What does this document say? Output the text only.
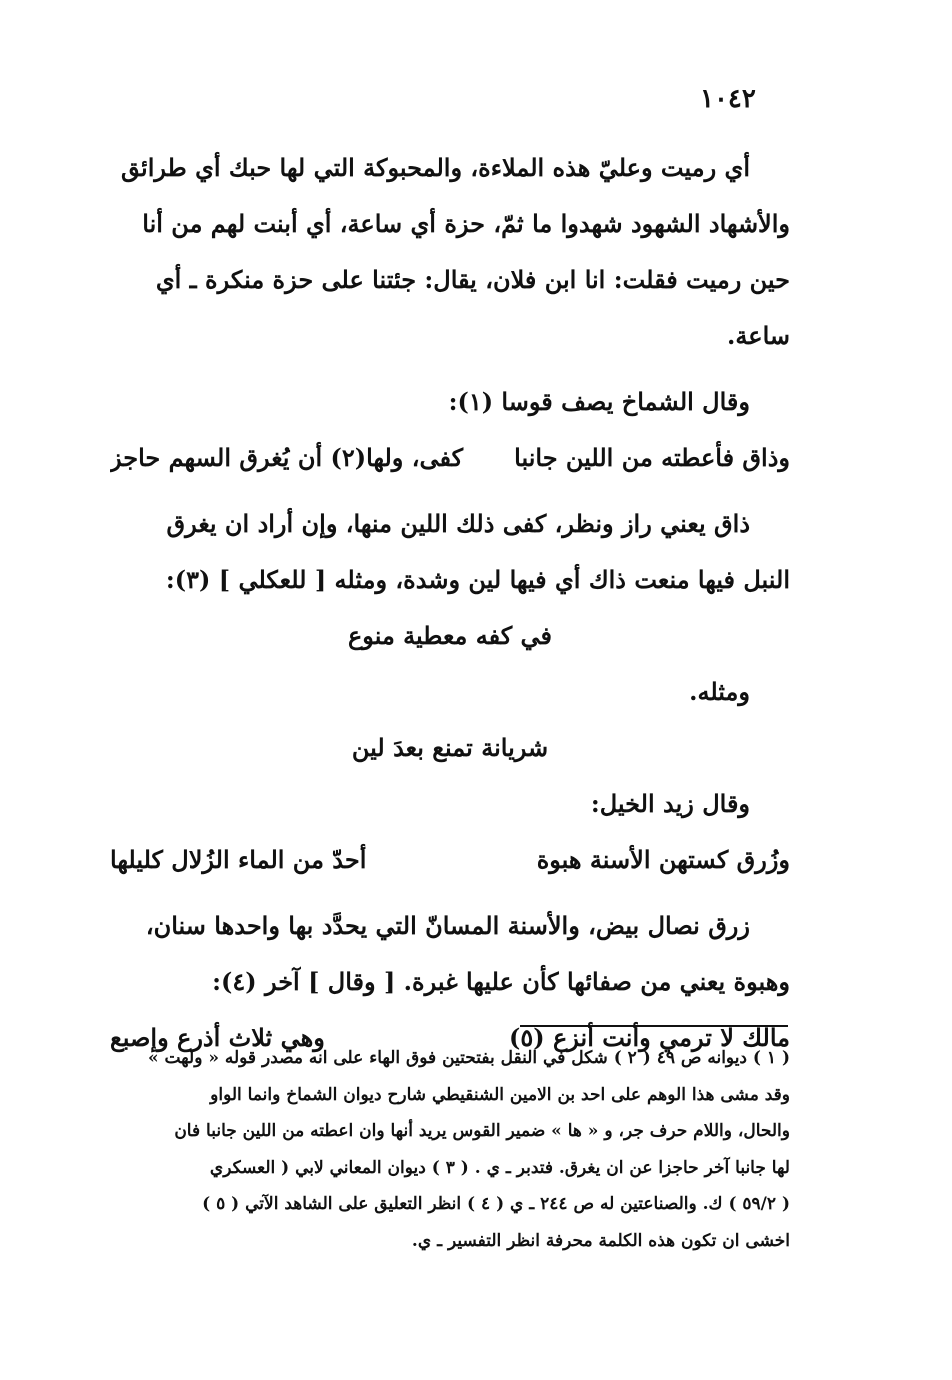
١٠٤٢
أي رميت وعليّ هذه الملاءة، والمحبوكة التي لها حبك أي طرائق
والأشهاد الشهود شهدوا ما ثمّ، حزة أي ساعة، أي أبنت لهم من أنا
حين رميت فقلت: انا ابن فلان، يقال: جئتنا على حزة منكرة ـ أي
ساعة.
وقال الشماخ يصف قوسا (١):
وذاق فأعطته من اللين جانبا
كفى، ولها(٢) أن يُغرق السهم حاجز
ذاق يعني راز ونظر، كفى ذلك اللين منها، وإن أراد ان يغرق
النبل فيها منعت ذاك أي فيها لين وشدة، ومثله [ للعكلي ] (٣):
في كفه معطية منوع
ومثله.
شريانة تمنع بعدَ لين
وقال زيد الخيل:
وزُرق كستهن الأسنة هبوة
أحدّ من الماء الزُلال كليلها
زرق نصال بيض، والأسنة المسانّ التي يحدَّد بها واحدها سنان،
وهبوة يعني من صفائها كأن عليها غبرة. [ وقال ] آخر (٤):
مالك لا ترمي وأنت أنزع (٥)
وهي ثلاث أذرع وإصبع
( ١ ) ديوانه ص ٤٩ ( ٢ ) شكل في النقل بفتحتين فوق الهاء على انه مصدر قوله « ولهت »
وقد مشى هذا الوهم على احد بن الامين الشنقيطي شارح ديوان الشماخ وانما الواو
والحال، واللام حرف جر، و « ها » ضمير القوس يريد أنها وان اعطته من اللين جانبا فان
لها جانبا آخر حاجزا عن ان يغرق. فتدبر ـ ي . ( ٣ ) ديوان المعاني لابي ( العسكري
( ٥٩/٢ ) ك. والصناعتين له ص ٢٤٤ ـ ي ( ٤ ) انظر التعليق على الشاهد الآتي ( ٥ )
اخشى ان تكون هذه الكلمة محرفة انظر التفسير ـ ي.
